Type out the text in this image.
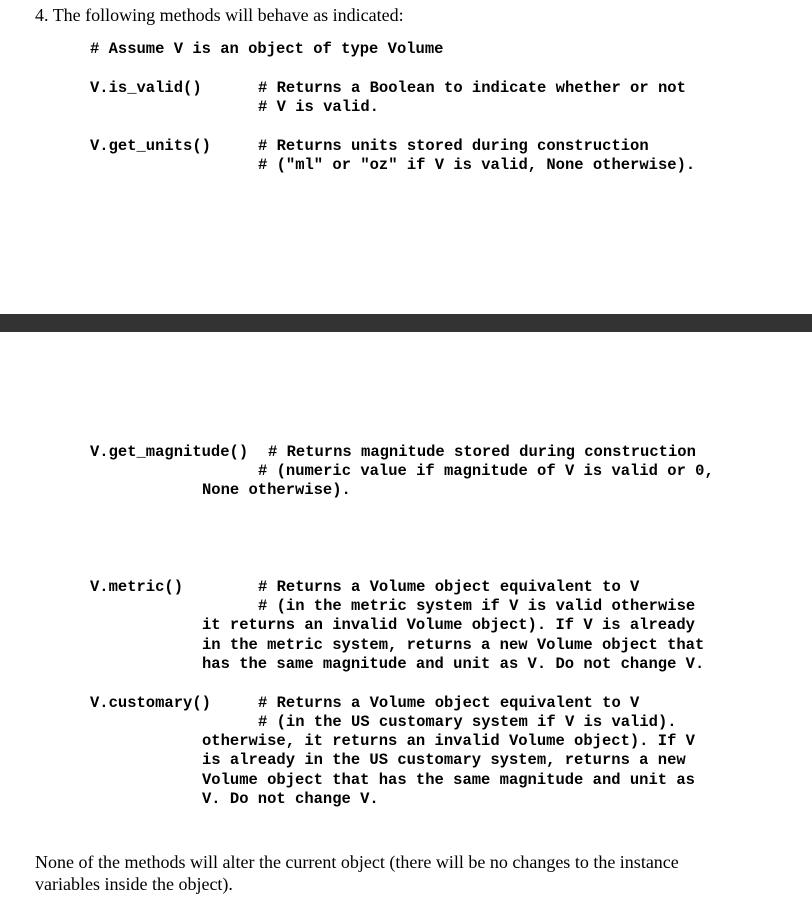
4. The following methods will behave as indicated:
# Assume V is an object of type Volume
V.is_valid()	# Returns a Boolean to indicate whether or not
# V is valid.
V.get_units()	# Returns units stored during construction
# ("ml" or "oz" if V is valid, None otherwise).
V.get_magnitude() # Returns magnitude stored during construction
# (numeric value if magnitude of V is valid or 0,
None otherwise).
V.metric()	# Returns a Volume object equivalent to V
# (in the metric system if V is valid otherwise
it returns an invalid Volume object). If V is already
in the metric system, returns a new Volume object that
has the same magnitude and unit as V. Do not change V.
V.customary()	# Returns a Volume object equivalent to V
# (in the US customary system if V is valid).
otherwise, it returns an invalid Volume object). If V
is already in the US customary system, returns a new
Volume object that has the same magnitude and unit as
V. Do not change V.
None of the methods will alter the current object (there will be no changes to the instance
variables inside the object).
